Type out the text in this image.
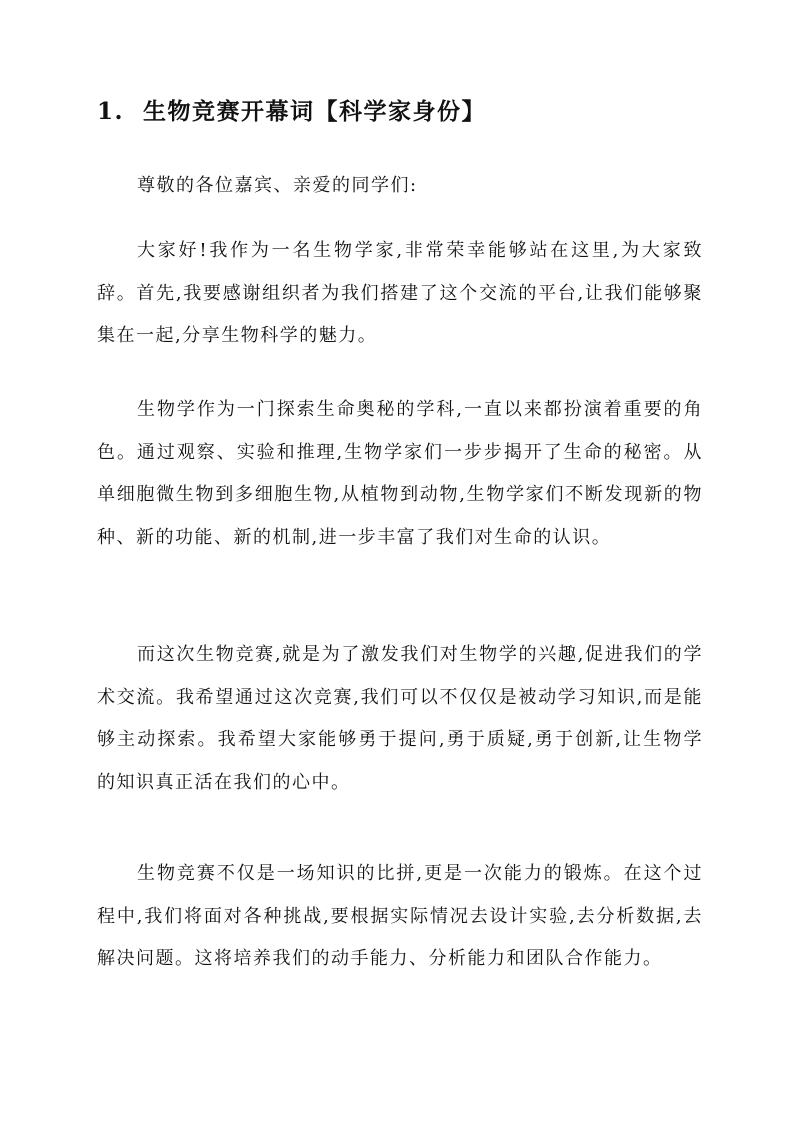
1.  生物竞赛开幕词【科学家身份】

尊敬的各位嘉宾、亲爱的同学们:

大家好!我作为一名生物学家,非常荣幸能够站在这里,为大家致辞。首先,我要感谢组织者为我们搭建了这个交流的平台,让我们能够聚集在一起,分享生物科学的魅力。

生物学作为一门探索生命奥秘的学科,一直以来都扮演着重要的角色。通过观察、实验和推理,生物学家们一步步揭开了生命的秘密。从单细胞微生物到多细胞生物,从植物到动物,生物学家们不断发现新的物种、新的功能、新的机制,进一步丰富了我们对生命的认识。

而这次生物竞赛,就是为了激发我们对生物学的兴趣,促进我们的学术交流。我希望通过这次竞赛,我们可以不仅仅是被动学习知识,而是能够主动探索。我希望大家能够勇于提问,勇于质疑,勇于创新,让生物学的知识真正活在我们的心中。

生物竞赛不仅是一场知识的比拼,更是一次能力的锻炼。在这个过程中,我们将面对各种挑战,要根据实际情况去设计实验,去分析数据,去解决问题。这将培养我们的动手能力、分析能力和团队合作能力。
